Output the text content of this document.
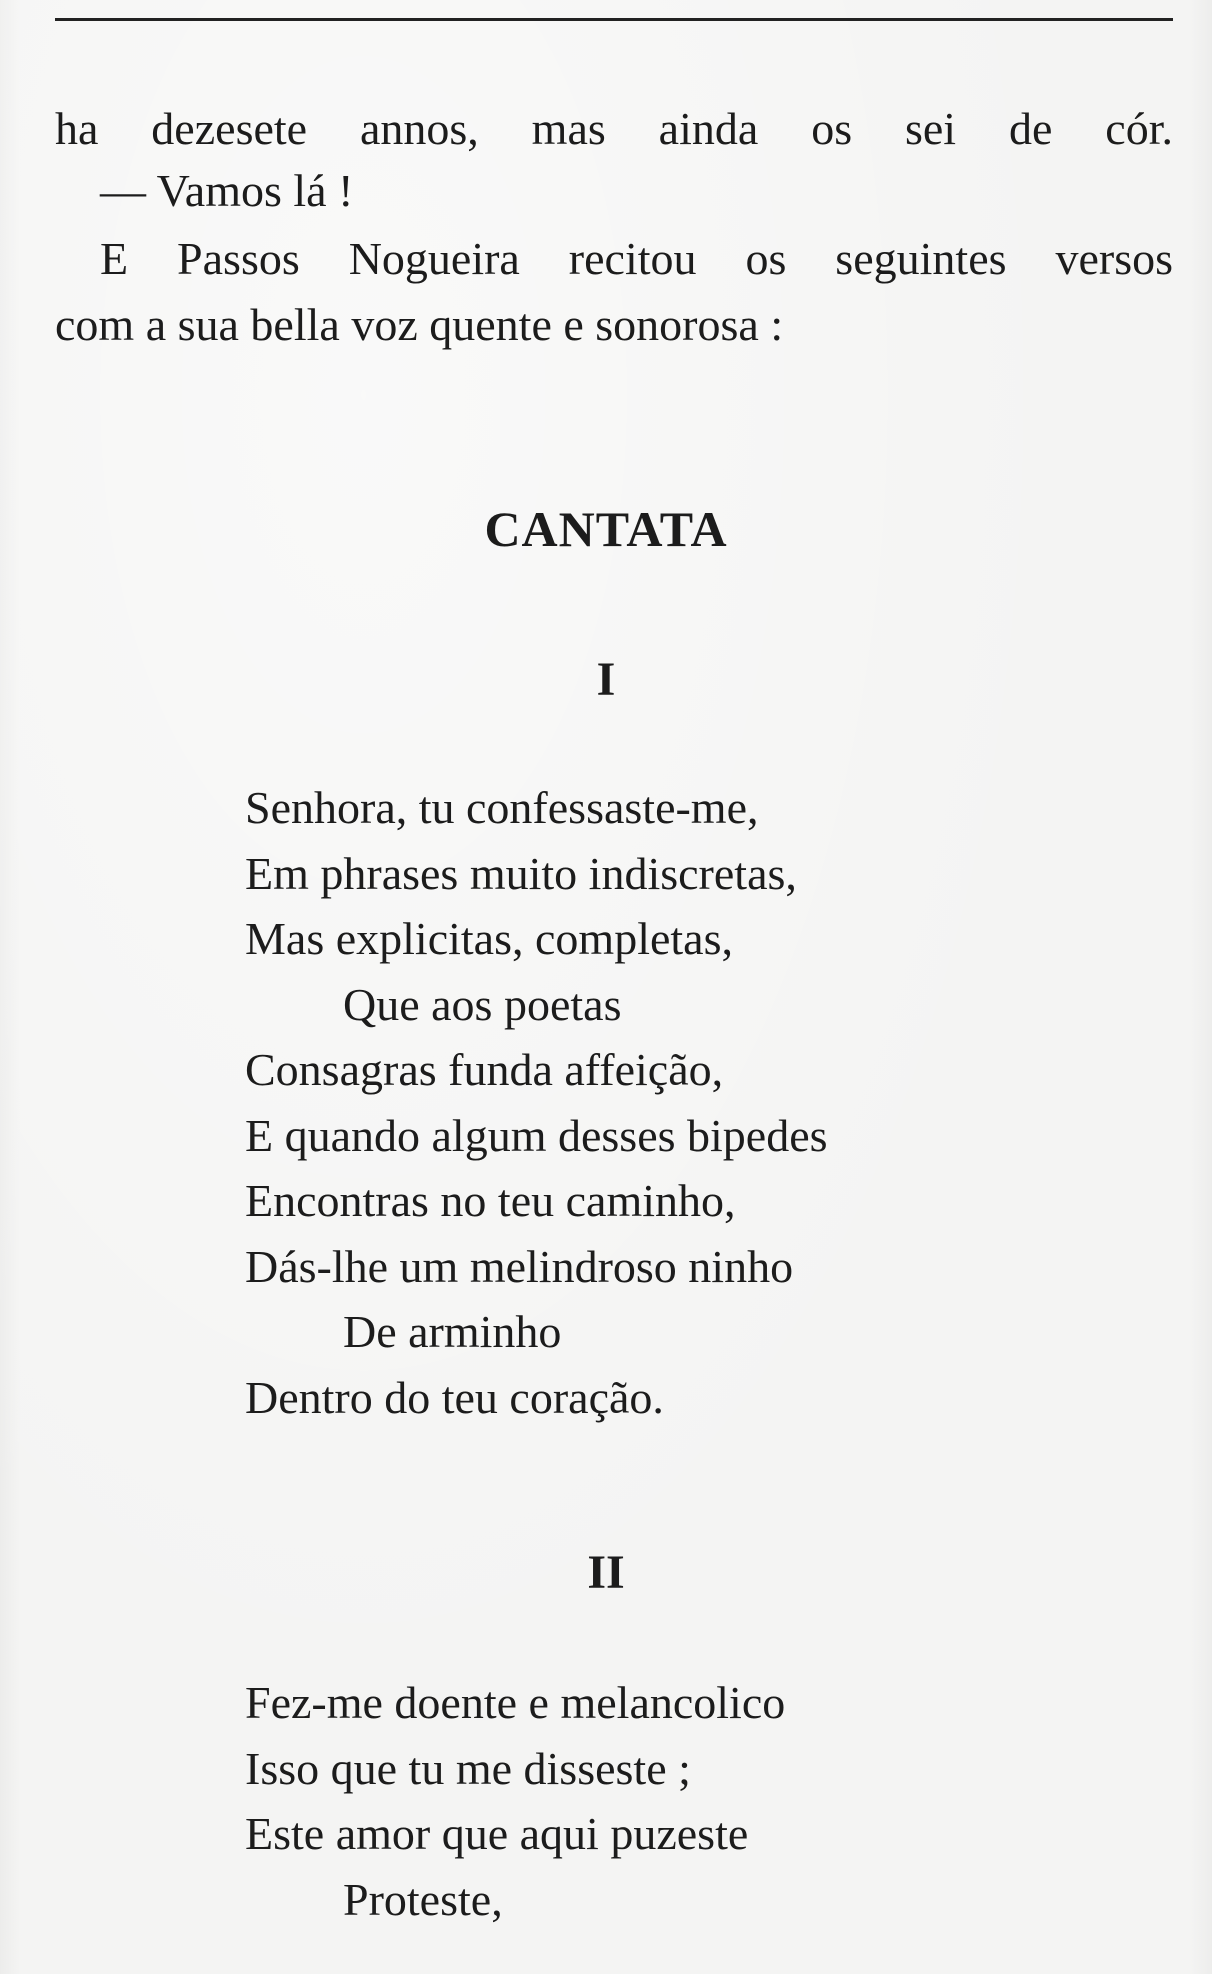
ha dezesete annos, mas ainda os sei de cór.
— Vamos lá !
E Passos Nogueira recitou os seguintes versos
com a sua bella voz quente e sonorosa :
CANTATA
I
Senhora, tu confessaste-me,
Em phrases muito indiscretas,
Mas explicitas, completas,
Que aos poetas
Consagras funda affeição,
E quando algum desses bipedes
Encontras no teu caminho,
Dás-lhe um melindroso ninho
De arminho
Dentro do teu coração.
II
Fez-me doente e melancolico
Isso que tu me disseste ;
Este amor que aqui puzeste
Proteste,
